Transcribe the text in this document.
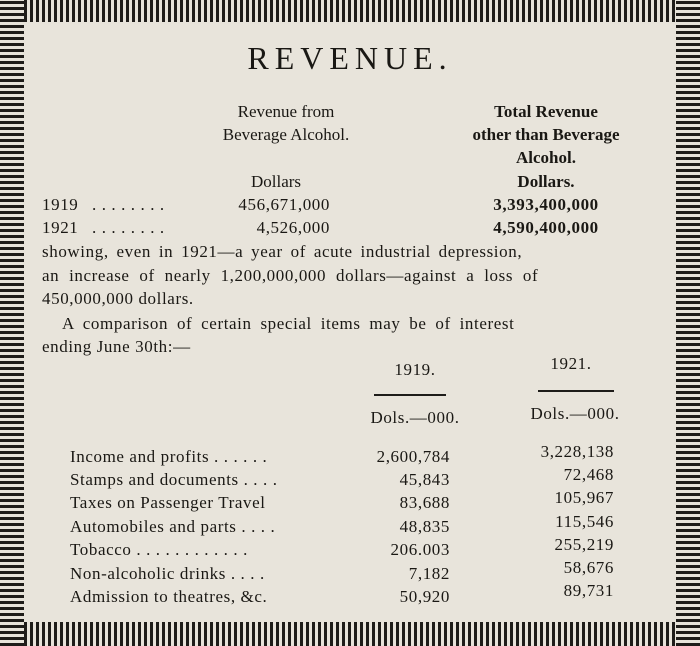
REVENUE.
Revenue from
Beverage Alcohol.
Total Revenue
other than Beverage
Alcohol.
Dollars	Dollars.
1919 . . . . . . . .	456,671,000	3,393,400,000
1921 . . . . . . . .	4,526,000	4,590,400,000
showing, even in 1921—a year of acute industrial depression,
an increase of nearly 1,200,000,000 dollars—against a loss of
450,000,000 dollars.
A comparison of certain special items may be of interest
ending June 30th:—
1919.	1921.
Dols.—000.	Dols.—000.
Income and profits . . . . . .	2,600,784	3,228,138
Stamps and documents . . . .	45,843	72,468
Taxes on Passenger Travel	83,688	105,967
Automobiles and parts . . . .	48,835	115,546
Tobacco . . . . . . . . . . . .	206.003	255,219
Non-alcoholic drinks . . . .	7,182	58,676
Admission to theatres, &c.	50,920	89,731
